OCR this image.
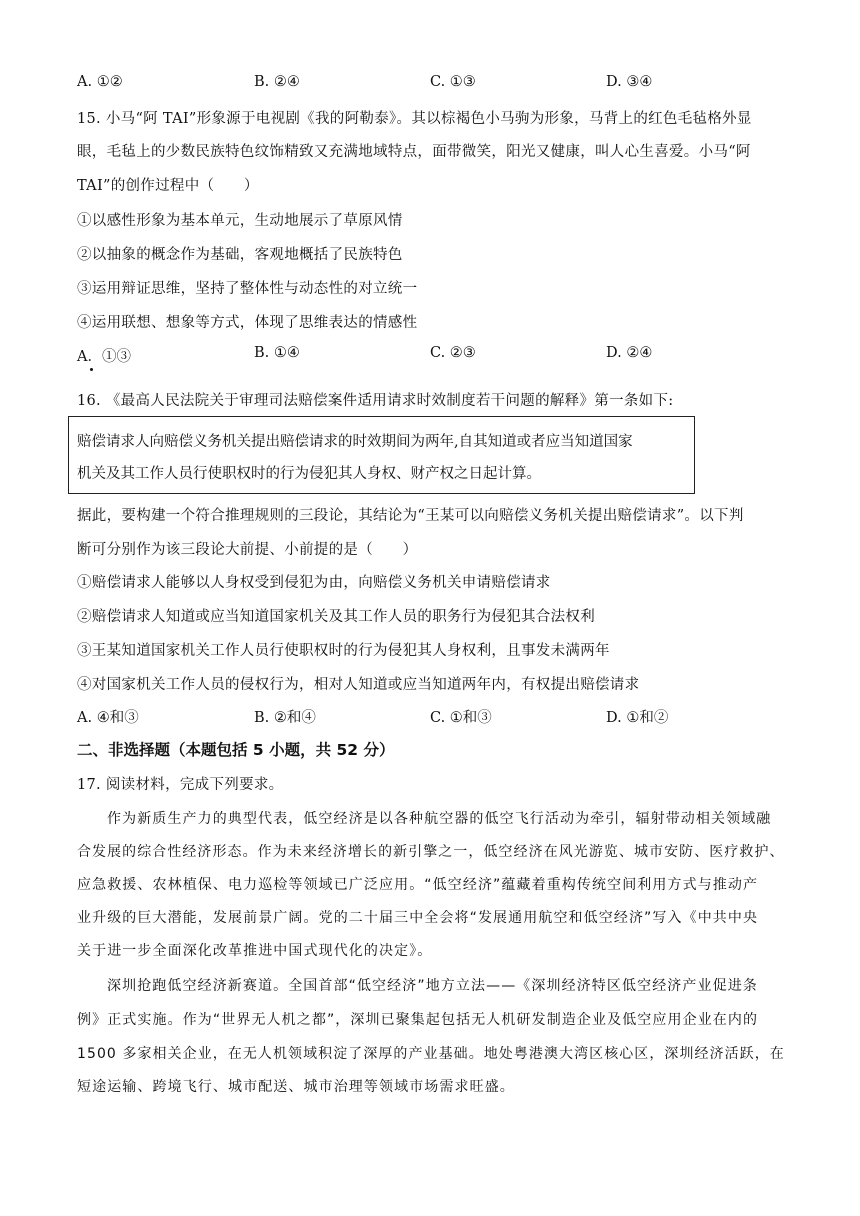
A. ①②	B. ②④	C. ①③	D. ③④
15. 小马“阿 TAI”形象源于电视剧《我的阿勒泰》。其以棕褐色小马驹为形象，马背上的红色毛毡格外显
眼，毛毡上的少数民族特色纹饰精致又充满地域特点，面带微笑，阳光又健康，叫人心生喜爱。小马“阿
TAI”的创作过程中（　　）
①以感性形象为基本单元，生动地展示了草原风情
②以抽象的概念作为基础，客观地概括了民族特色
③运用辩证思维，坚持了整体性与动态性的对立统一
④运用联想、想象等方式，体现了思维表达的情感性
A．①③	B. ①④	C. ②③	D. ②④
16. 《最高人民法院关于审理司法赔偿案件适用请求时效制度若干问题的解释》第一条如下:
赔偿请求人向赔偿义务机关提出赔偿请求的时效期间为两年,自其知道或者应当知道国家
机关及其工作人员行使职权时的行为侵犯其人身权、财产权之日起计算。
据此，要构建一个符合推理规则的三段论，其结论为“王某可以向赔偿义务机关提出赔偿请求”。以下判
断可分别作为该三段论大前提、小前提的是（　　）
①赔偿请求人能够以人身权受到侵犯为由，向赔偿义务机关申请赔偿请求
②赔偿请求人知道或应当知道国家机关及其工作人员的职务行为侵犯其合法权利
③王某知道国家机关工作人员行使职权时的行为侵犯其人身权利，且事发未满两年
④对国家机关工作人员的侵权行为，相对人知道或应当知道两年内，有权提出赔偿请求
A. ④和③	B. ②和④	C. ①和③	D. ①和②
二、非选择题（本题包括 5 小题，共 52 分）
17. 阅读材料，完成下列要求。
作为新质生产力的典型代表，低空经济是以各种航空器的低空飞行活动为牵引，辐射带动相关领域融
合发展的综合性经济形态。作为未来经济增长的新引擎之一，低空经济在风光游览、城市安防、医疗救护、
应急救援、农林植保、电力巡检等领域已广泛应用。“低空经济”蕴藏着重构传统空间利用方式与推动产
业升级的巨大潜能，发展前景广阔。党的二十届三中全会将“发展通用航空和低空经济”写入《中共中央
关于进一步全面深化改革推进中国式现代化的决定》。
深圳抢跑低空经济新赛道。全国首部“低空经济”地方立法——《深圳经济特区低空经济产业促进条
例》正式实施。作为“世界无人机之都”，深圳已聚集起包括无人机研发制造企业及低空应用企业在内的
1500 多家相关企业，在无人机领域积淀了深厚的产业基础。地处粤港澳大湾区核心区，深圳经济活跃，在
短途运输、跨境飞行、城市配送、城市治理等领域市场需求旺盛。
